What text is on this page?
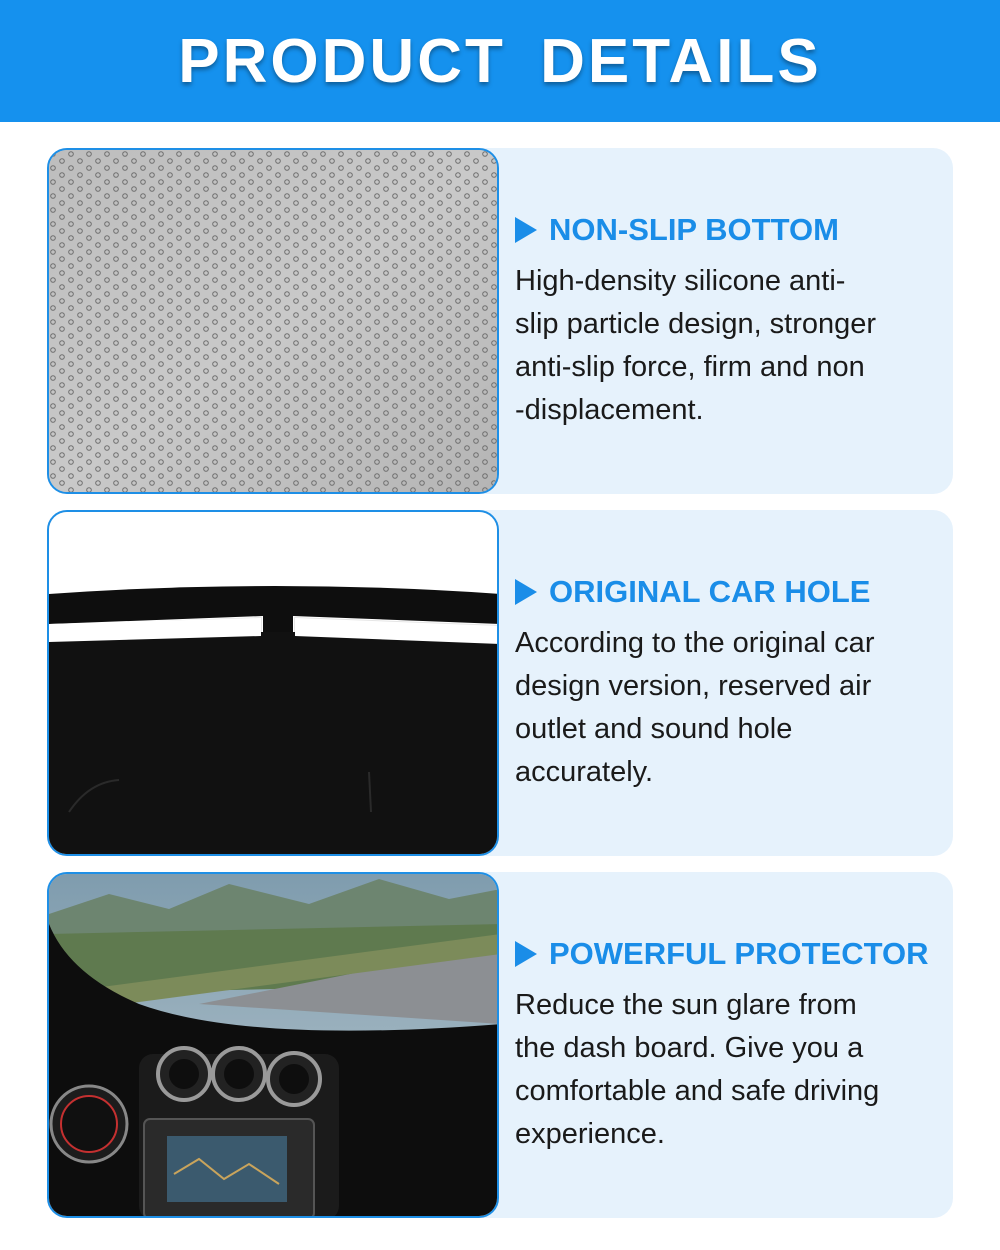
PRODUCT DETAILS
NON-SLIP BOTTOM

High-density silicone anti-
slip particle design, stronger
anti-slip force, firm and non
-displacement.

ORIGINAL CAR HOLE

According to the original car
design version, reserved air
outlet and sound hole
accurately.

POWERFUL PROTECTOR

Reduce the sun glare from
the dash board. Give you a
comfortable and safe driving
experience.
